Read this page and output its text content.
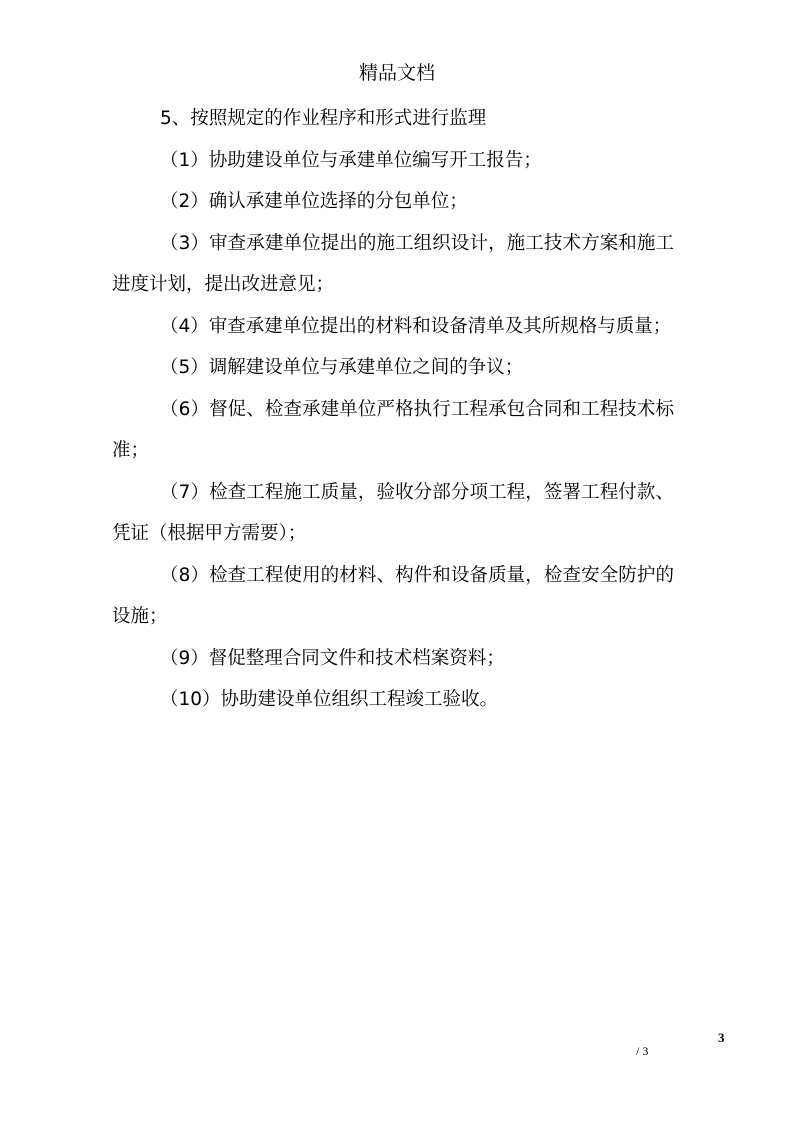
精品文档

5、按照规定的作业程序和形式进行监理

（1）协助建设单位与承建单位编写开工报告；

（2）确认承建单位选择的分包单位；

（3）审查承建单位提出的施工组织设计，施工技术方案和施工进度计划，提出改进意见；

（4）审查承建单位提出的材料和设备清单及其所规格与质量；

（5）调解建设单位与承建单位之间的争议；

（6）督促、检查承建单位严格执行工程承包合同和工程技术标准；

（7）检查工程施工质量，验收分部分项工程，签署工程付款、凭证（根据甲方需要）；

（8）检查工程使用的材料、构件和设备质量，检查安全防护的设施；

（9）督促整理合同文件和技术档案资料；

（10）协助建设单位组织工程竣工验收。

3
/ 3
